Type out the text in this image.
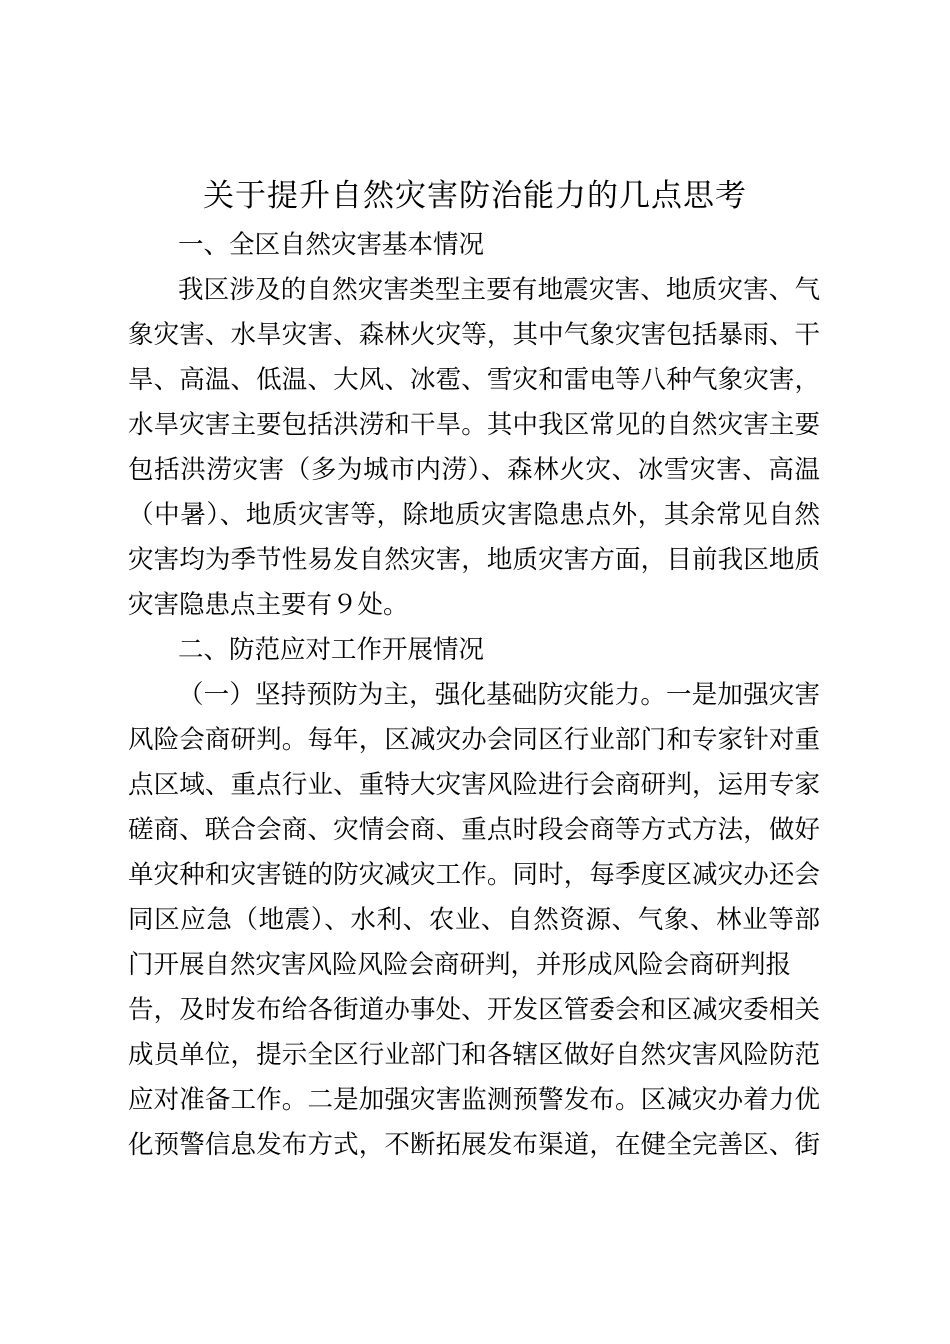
关于提升自然灾害防治能力的几点思考
一、全区自然灾害基本情况
我区涉及的自然灾害类型主要有地震灾害、地质灾害、气
象灾害、水旱灾害、森林火灾等，其中气象灾害包括暴雨、干
旱、高温、低温、大风、冰雹、雪灾和雷电等八种气象灾害，
水旱灾害主要包括洪涝和干旱。其中我区常见的自然灾害主要
包括洪涝灾害（多为城市内涝）、森林火灾、冰雪灾害、高温
（中暑）、地质灾害等，除地质灾害隐患点外，其余常见自然
灾害均为季节性易发自然灾害，地质灾害方面，目前我区地质
灾害隐患点主要有９处。
二、防范应对工作开展情况
（一）坚持预防为主，强化基础防灾能力。一是加强灾害
风险会商研判。每年，区减灾办会同区行业部门和专家针对重
点区域、重点行业、重特大灾害风险进行会商研判，运用专家
磋商、联合会商、灾情会商、重点时段会商等方式方法，做好
单灾种和灾害链的防灾减灾工作。同时，每季度区减灾办还会
同区应急（地震）、水利、农业、自然资源、气象、林业等部
门开展自然灾害风险风险会商研判，并形成风险会商研判报
告，及时发布给各街道办事处、开发区管委会和区减灾委相关
成员单位，提示全区行业部门和各辖区做好自然灾害风险防范
应对准备工作。二是加强灾害监测预警发布。区减灾办着力优
化预警信息发布方式，不断拓展发布渠道，在健全完善区、街
